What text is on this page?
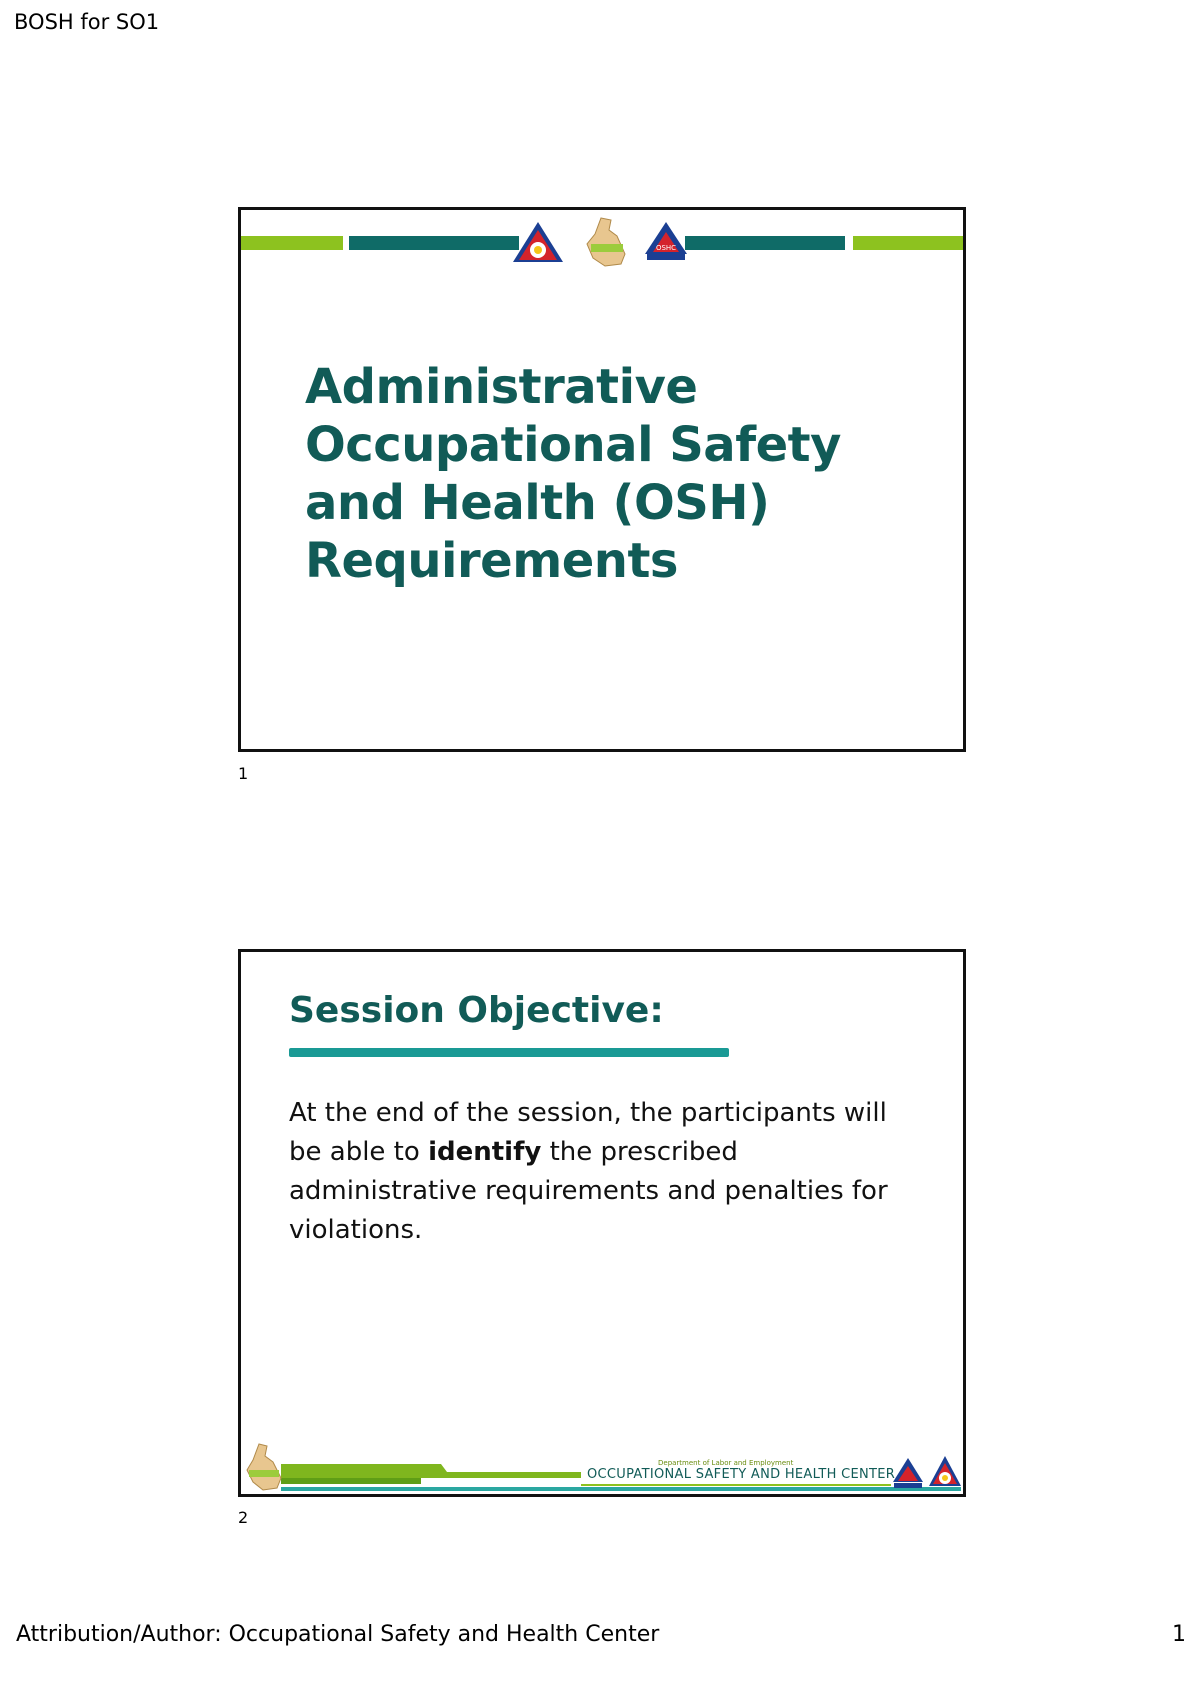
BOSH for SO1
OSHC
Administrative Occupational Safety and Health (OSH) Requirements
1
Session Objective:
At the end of the session, the participants will be able to identify the prescribed administrative requirements and penalties for violations.
Department of Labor and Employment
OCCUPATIONAL SAFETY AND HEALTH CENTER
2
Attribution/Author: Occupational Safety and Health Center	1
